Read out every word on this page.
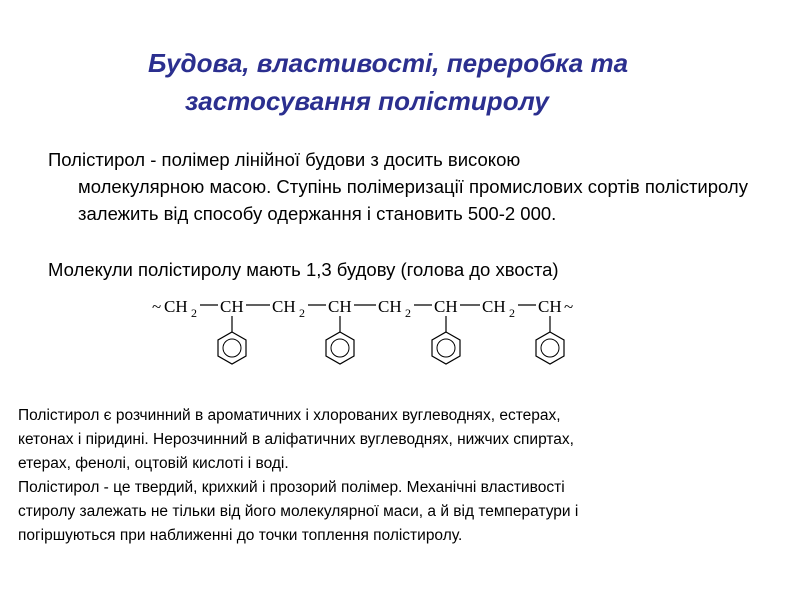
Будова, властивості, переробка та
застосування полістиролу
Полістирол - полімер лінійної будови з досить високою
молекулярною масою. Ступінь полімеризації промислових сортів полістиролу залежить від способу одержання і становить 500-2 000.
Молекули полістиролу мають 1,3 будову (голова до хвоста)
~ CH 2 CH CH 2 CH CH 2 CH CH 2 CH ~
Полістирол є розчинний в ароматичних і хлорованих вуглеводнях, естерах,
кетонах і піридині. Нерозчинний в аліфатичних вуглеводнях, нижчих спиртах,
етерах, фенолі, оцтовій кислоті і воді.
Полістирол - це твердий, крихкий і прозорий полімер. Механічні властивості
стиролу залежать не тільки від його молекулярної маси, а й від температури і
погіршуються при наближенні до точки топлення полістиролу.
